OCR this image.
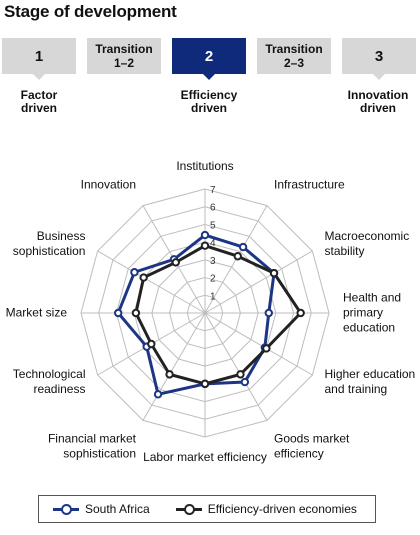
Stage of development
1	Transition
1–2	2	Transition
2–3	3
Factor
driven
Efficiency
driven
Innovation
driven
1
2
3
4
5
6
7
Institutions
Infrastructure
Macroeconomic stability
Health and primary education
Higher education and training
Goods market efficiency
Labor market efficiency
Financial market sophistication
Technological readiness
Market size
Business sophistication
Innovation
South Africa	Efficiency-driven economies
